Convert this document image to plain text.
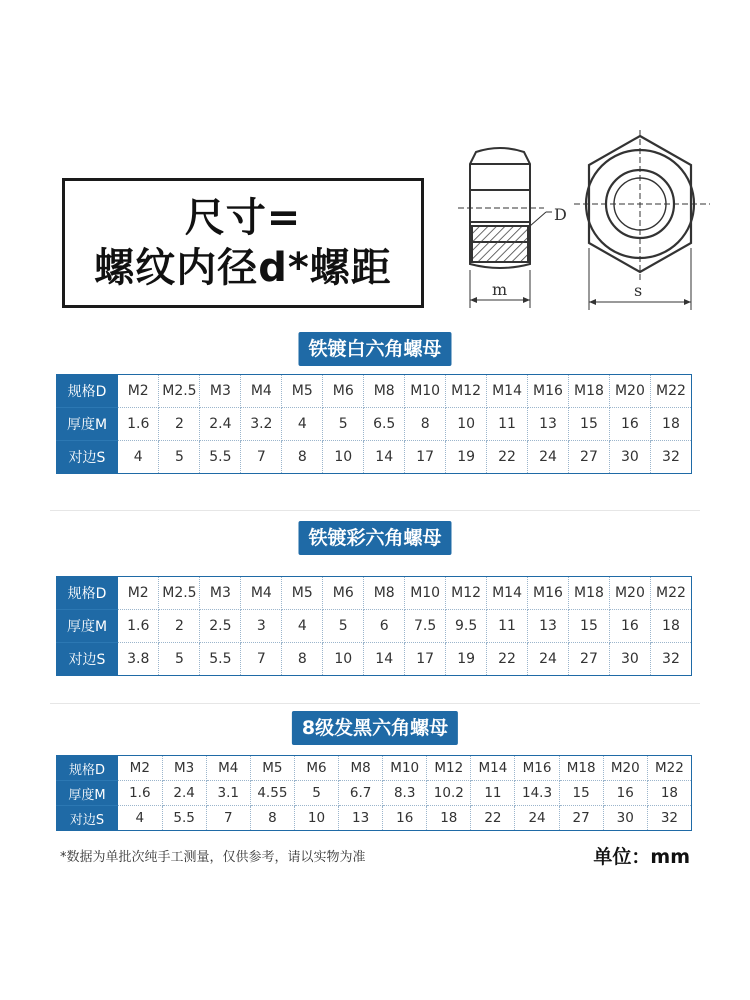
尺寸=
螺纹内径d*螺距
D
m	s
铁镀白六角螺母
规格D	M2	M2.5	M3	M4	M5	M6	M8	M10	M12	M14	M16	M18	M20	M22
厚度M	1.6	2	2.4	3.2	4	5	6.5	8	10	11	13	15	16	18
对边S	4	5	5.5	7	8	10	14	17	19	22	24	27	30	32
铁镀彩六角螺母
规格D	M2	M2.5	M3	M4	M5	M6	M8	M10	M12	M14	M16	M18	M20	M22
厚度M	1.6	2	2.5	3	4	5	6	7.5	9.5	11	13	15	16	18
对边S	3.8	5	5.5	7	8	10	14	17	19	22	24	27	30	32
8级发黑六角螺母
规格D	M2	M3	M4	M5	M6	M8	M10	M12	M14	M16	M18	M20	M22
厚度M	1.6	2.4	3.1	4.55	5	6.7	8.3	10.2	11	14.3	15	16	18
对边S	4	5.5	7	8	10	13	16	18	22	24	27	30	32
*数据为单批次纯手工测量，仅供参考，请以实物为准	单位：mm
